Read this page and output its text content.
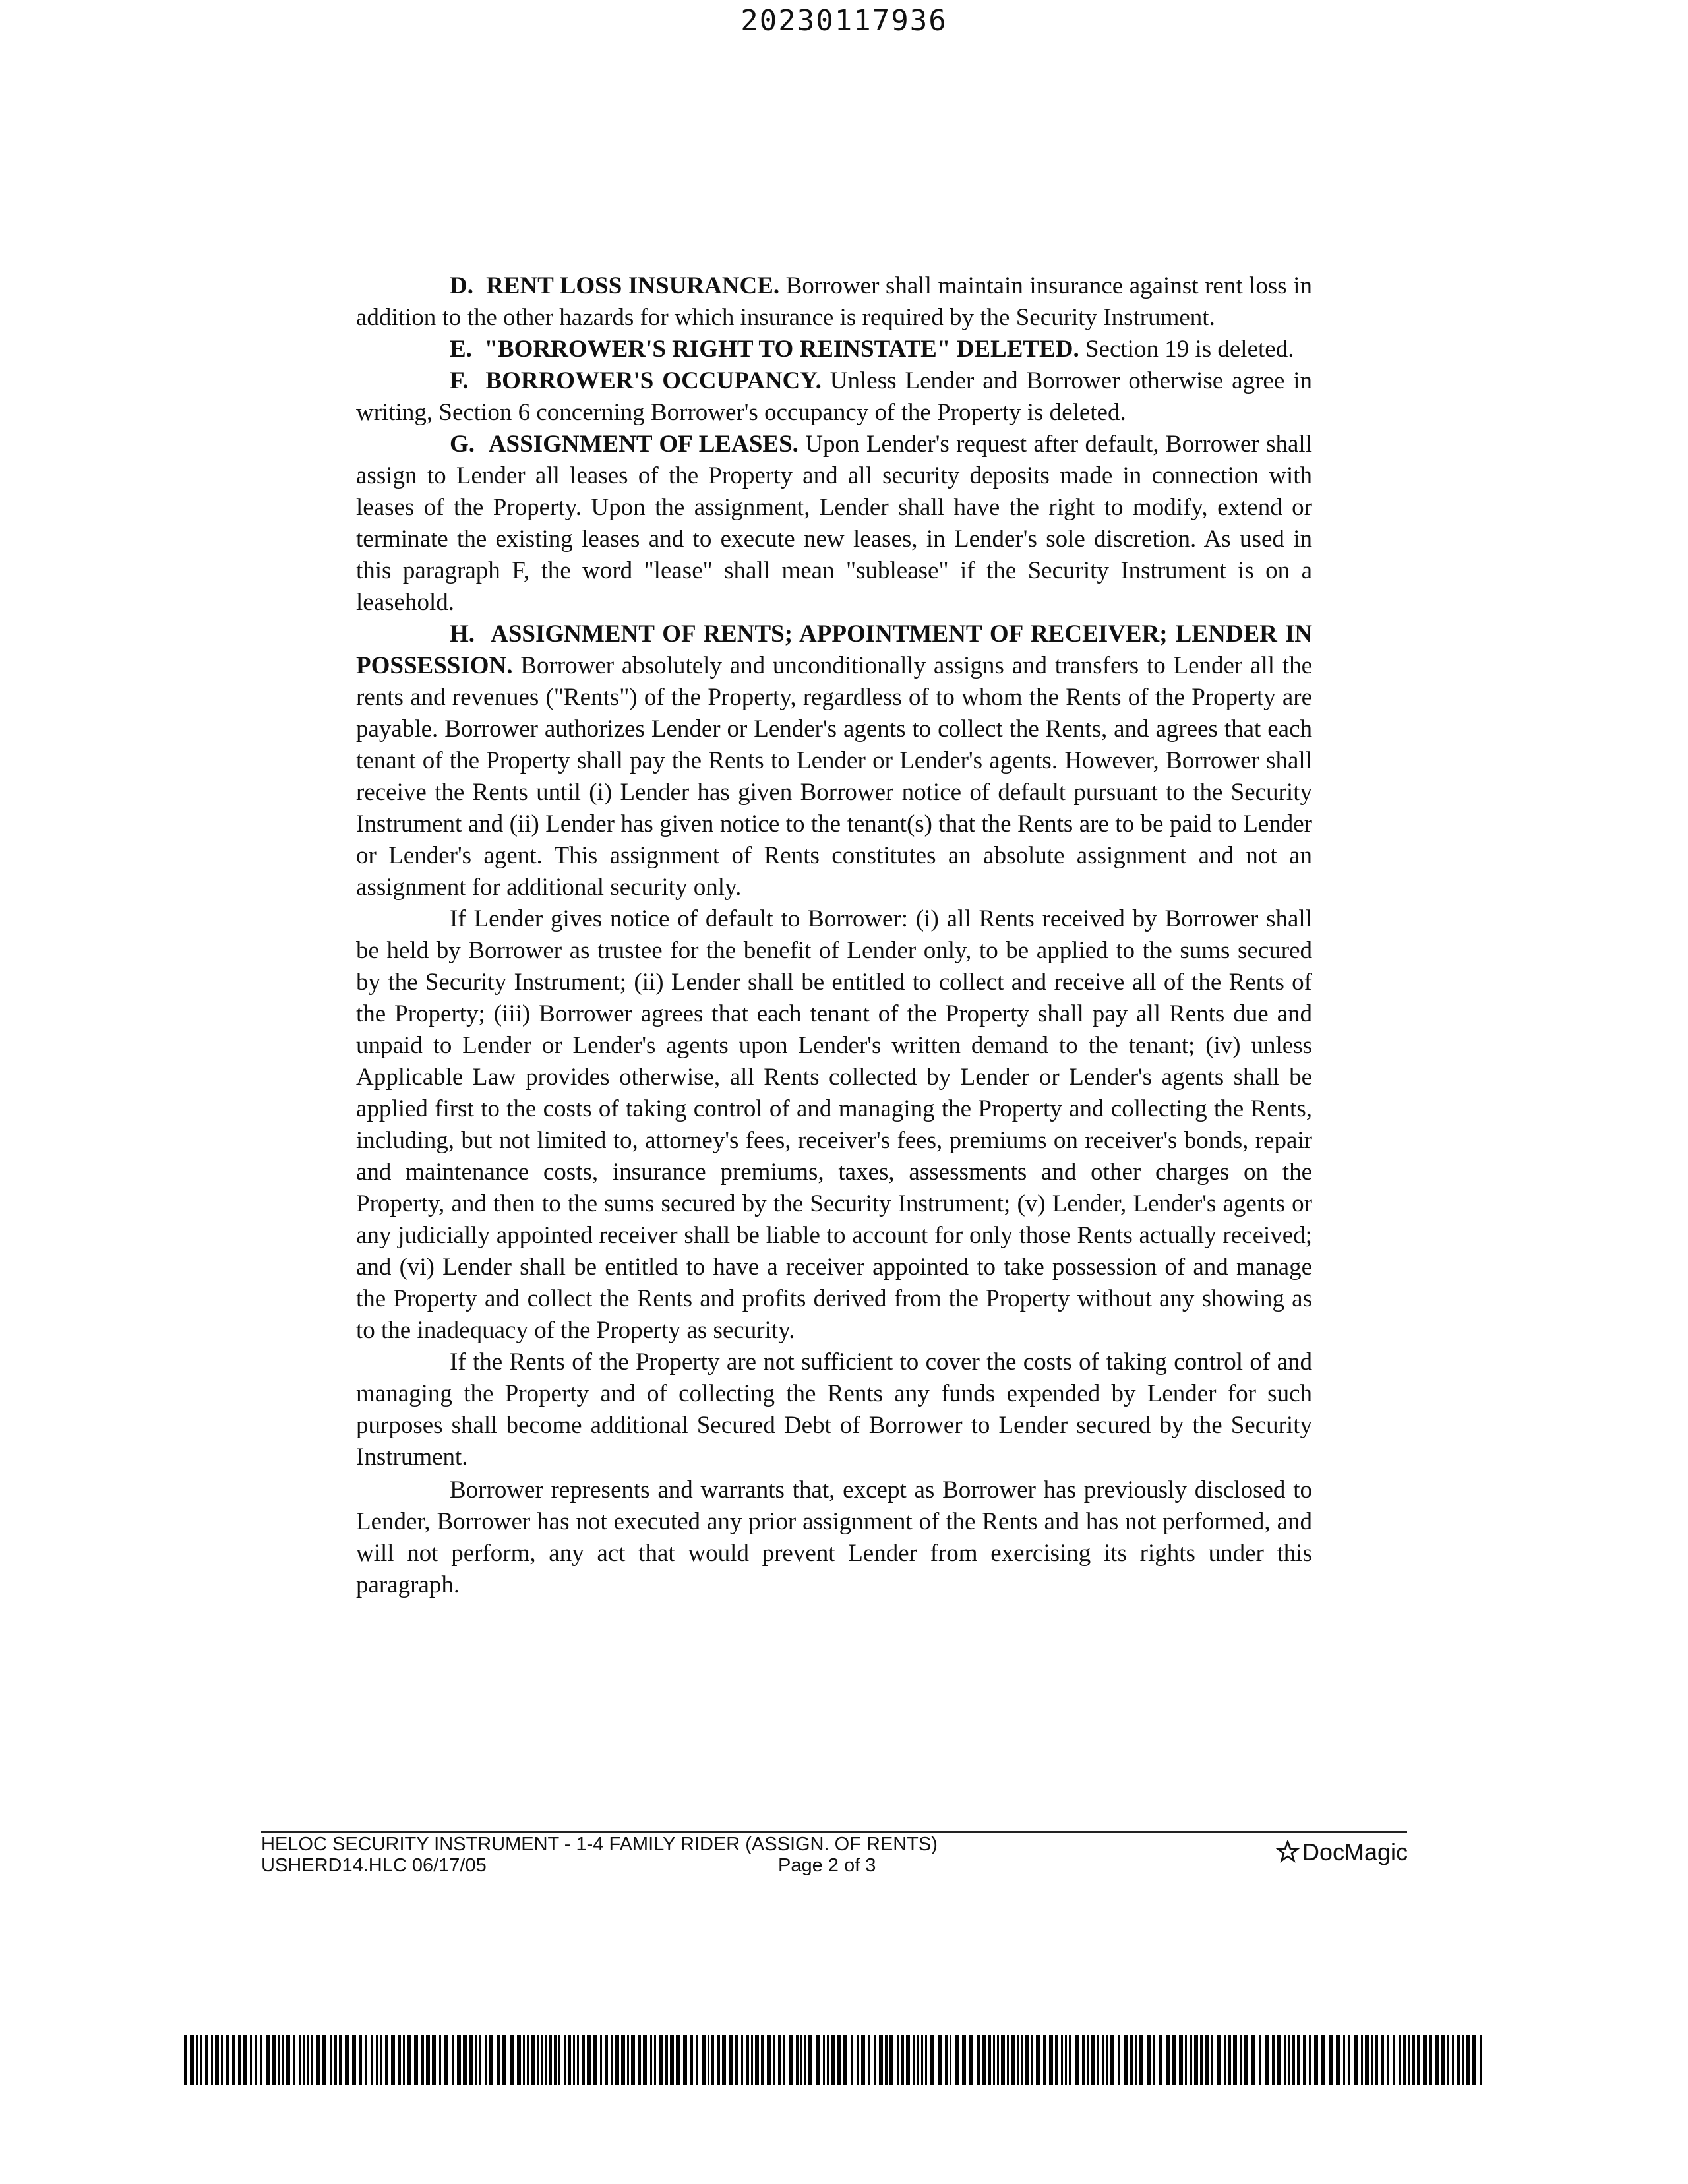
20230117936

D. RENT LOSS INSURANCE. Borrower shall maintain insurance against rent loss in addition to the other hazards for which insurance is required by the Security Instrument.

E. "BORROWER'S RIGHT TO REINSTATE" DELETED. Section 19 is deleted.

F. BORROWER'S OCCUPANCY. Unless Lender and Borrower otherwise agree in writing, Section 6 concerning Borrower's occupancy of the Property is deleted.

G. ASSIGNMENT OF LEASES. Upon Lender's request after default, Borrower shall assign to Lender all leases of the Property and all security deposits made in connection with leases of the Property. Upon the assignment, Lender shall have the right to modify, extend or terminate the existing leases and to execute new leases, in Lender's sole discretion. As used in this paragraph F, the word "lease" shall mean "sublease" if the Security Instrument is on a leasehold.

H. ASSIGNMENT OF RENTS; APPOINTMENT OF RECEIVER; LENDER IN POSSESSION. Borrower absolutely and unconditionally assigns and transfers to Lender all the rents and revenues ("Rents") of the Property, regardless of to whom the Rents of the Property are payable. Borrower authorizes Lender or Lender's agents to collect the Rents, and agrees that each tenant of the Property shall pay the Rents to Lender or Lender's agents. However, Borrower shall receive the Rents until (i) Lender has given Borrower notice of default pursuant to the Security Instrument and (ii) Lender has given notice to the tenant(s) that the Rents are to be paid to Lender or Lender's agent. This assignment of Rents constitutes an absolute assignment and not an assignment for additional security only.

If Lender gives notice of default to Borrower: (i) all Rents received by Borrower shall be held by Borrower as trustee for the benefit of Lender only, to be applied to the sums secured by the Security Instrument; (ii) Lender shall be entitled to collect and receive all of the Rents of the Property; (iii) Borrower agrees that each tenant of the Property shall pay all Rents due and unpaid to Lender or Lender's agents upon Lender's written demand to the tenant; (iv) unless Applicable Law provides otherwise, all Rents collected by Lender or Lender's agents shall be applied first to the costs of taking control of and managing the Property and collecting the Rents, including, but not limited to, attorney's fees, receiver's fees, premiums on receiver's bonds, repair and maintenance costs, insurance premiums, taxes, assessments and other charges on the Property, and then to the sums secured by the Security Instrument; (v) Lender, Lender's agents or any judicially appointed receiver shall be liable to account for only those Rents actually received; and (vi) Lender shall be entitled to have a receiver appointed to take possession of and manage the Property and collect the Rents and profits derived from the Property without any showing as to the inadequacy of the Property as security.

If the Rents of the Property are not sufficient to cover the costs of taking control of and managing the Property and of collecting the Rents any funds expended by Lender for such purposes shall become additional Secured Debt of Borrower to Lender secured by the Security Instrument.

Borrower represents and warrants that, except as Borrower has previously disclosed to Lender, Borrower has not executed any prior assignment of the Rents and has not performed, and will not perform, any act that would prevent Lender from exercising its rights under this paragraph.

HELOC SECURITY INSTRUMENT - 1-4 FAMILY RIDER (ASSIGN. OF RENTS)
USHERD14.HLC 06/17/05	Page 2 of 3	DocMagic
